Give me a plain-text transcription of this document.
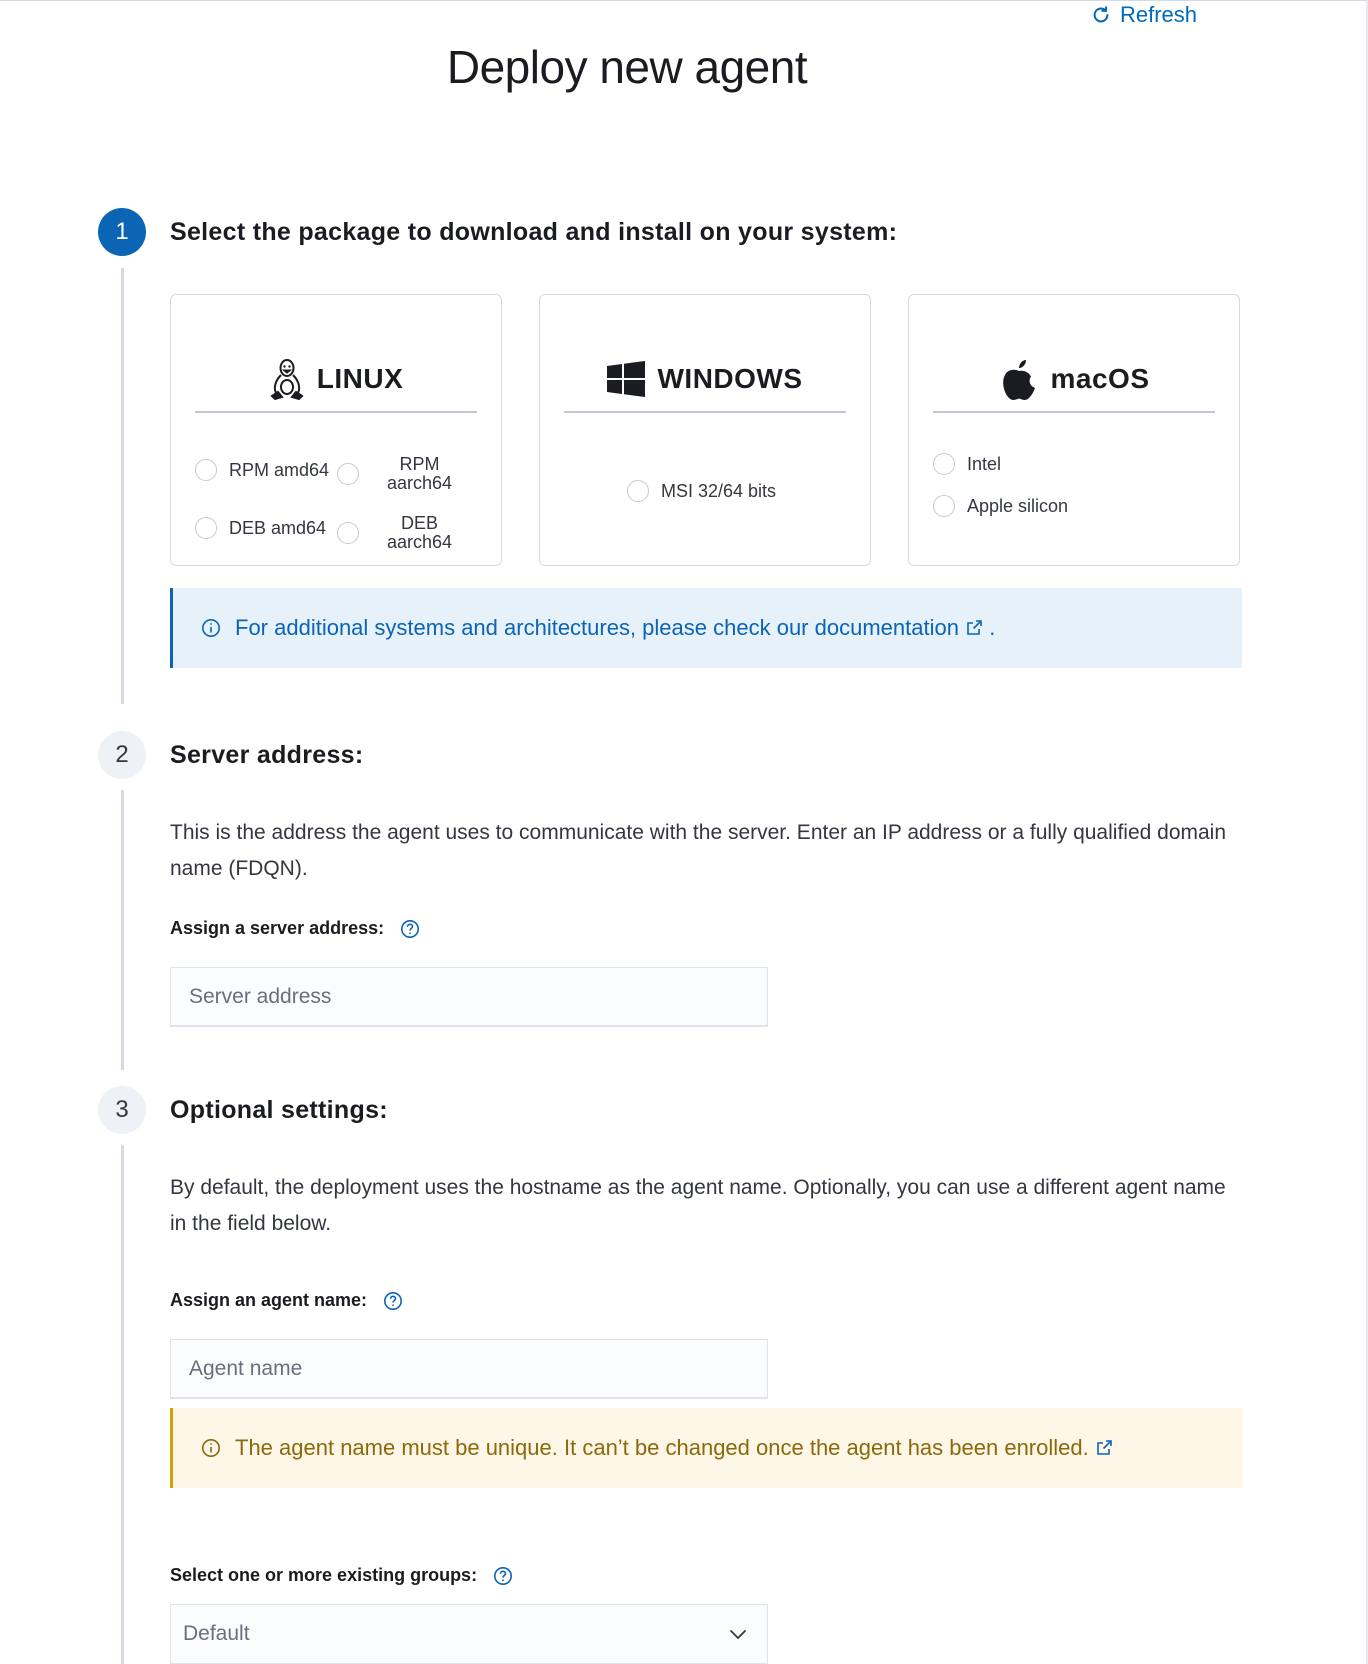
Refresh
Deploy new agent
1	Select the package to download and install on your system:
LINUX
RPM amd64	RPM
aarch64
DEB amd64	DEB
aarch64
WINDOWS
MSI 32/64 bits
macOS
Intel
Apple silicon
For additional systems and architectures, please check our documentation .
2	Server address:
This is the address the agent uses to communicate with the server. Enter an IP address or a fully qualified domain name (FDQN).
Assign a server address:
Server address
3	Optional settings:
By default, the deployment uses the hostname as the agent name. Optionally, you can use a different agent name in the field below.
Assign an agent name:
Agent name
The agent name must be unique. It can’t be changed once the agent has been enrolled.
Select one or more existing groups:
Default
